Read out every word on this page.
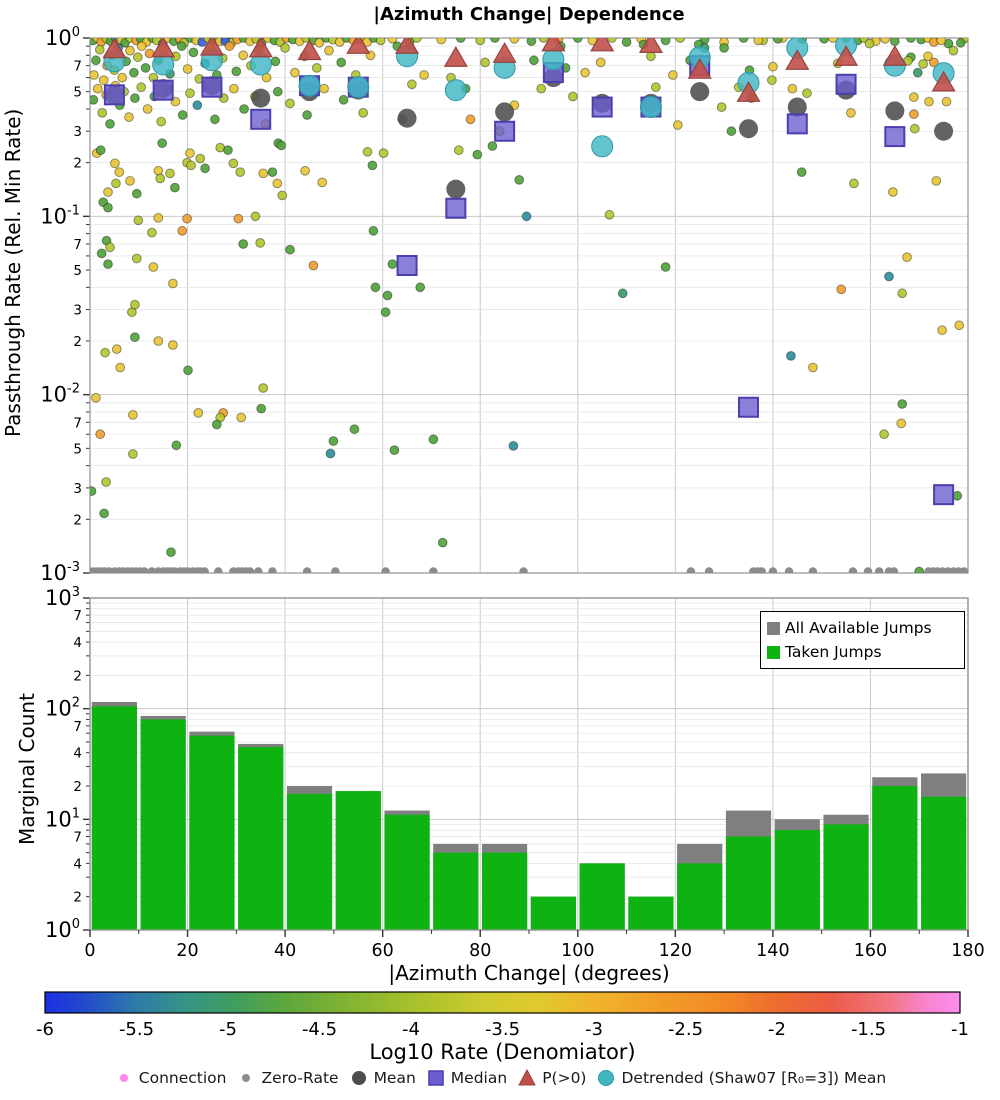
$10^0$
2
3
5
7
$10^{-1}$
2
3
5
7
$10^{-2}$
2
3
5
7
$10^{-3}$
$10^3$
2
4
7
$10^2$
2
4
7
$10^1$
2
4
7
$10^0$
0	20	40	60	80	100	120	140	160	180
-6	-5.5	-5	-4.5	-4	-3.5	-3	-2.5	-2	-1.5	-1
|Azimuth Change| Dependence
Passthrough Rate (Rel. Min Rate)
Marginal Count
|Azimuth Change| (degrees)
Log10 Rate (Denomiator)
All Available Jumps
Taken Jumps
Connection Zero-Rate Mean Median P(>0) Detrended (Shaw07 [R₀=3]) Mean
